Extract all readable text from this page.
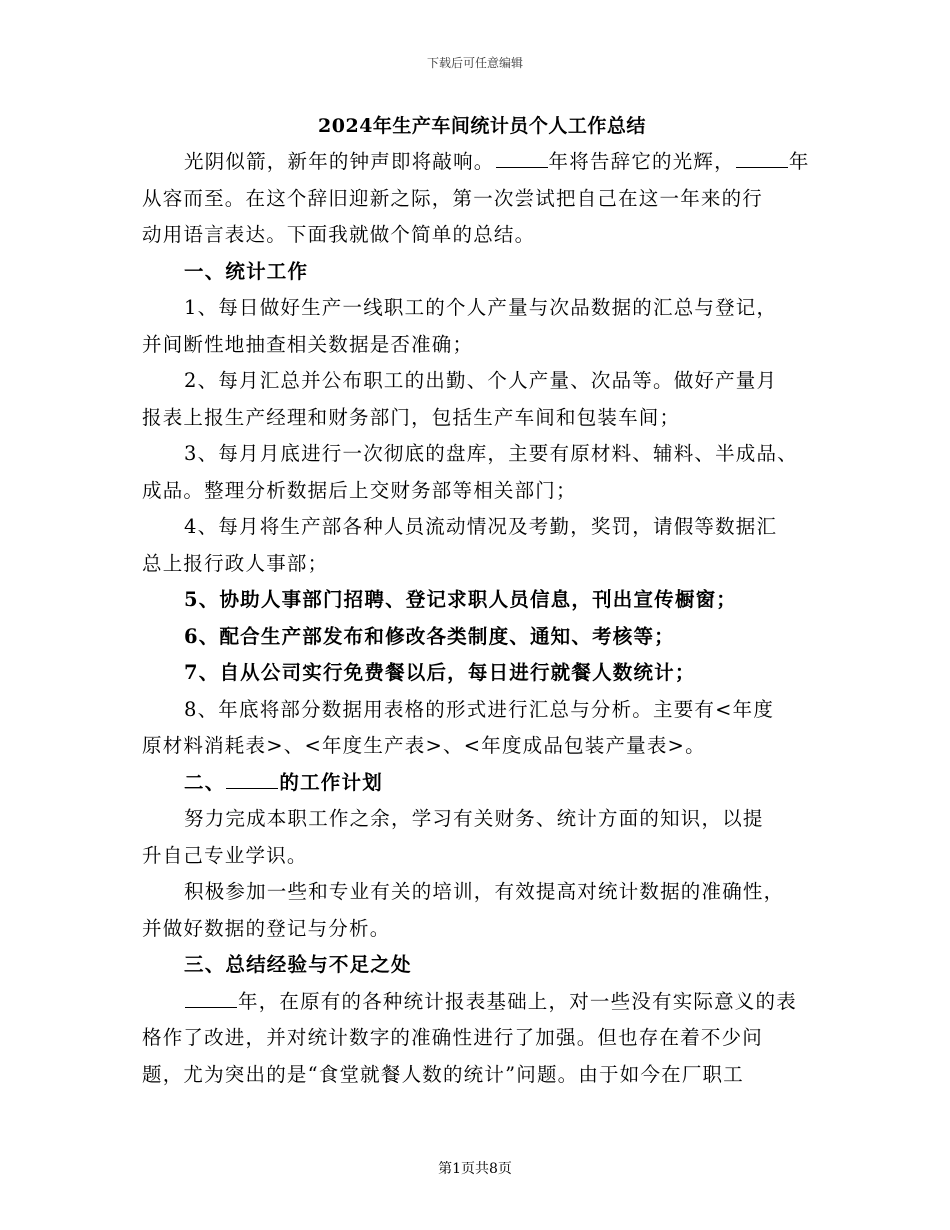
下载后可任意编辑
2024年生产车间统计员个人工作总结
光阴似箭，新年的钟声即将敲响。	年将告辞它的光辉，	年
从容而至。在这个辞旧迎新之际，第一次尝试把自己在这一年来的行
动用语言表达。下面我就做个简单的总结。
一、统计工作
1、每日做好生产一线职工的个人产量与次品数据的汇总与登记，
并间断性地抽查相关数据是否准确；
2、每月汇总并公布职工的出勤、个人产量、次品等。做好产量月
报表上报生产经理和财务部门，包括生产车间和包装车间；
3、每月月底进行一次彻底的盘库，主要有原材料、辅料、半成品、
成品。整理分析数据后上交财务部等相关部门；
4、每月将生产部各种人员流动情况及考勤，奖罚，请假等数据汇
总上报行政人事部；
5、协助人事部门招聘、登记求职人员信息，刊出宣传橱窗；
6、配合生产部发布和修改各类制度、通知、考核等；
7、自从公司实行免费餐以后，每日进行就餐人数统计；
8、年底将部分数据用表格的形式进行汇总与分析。主要有<年度
原材料消耗表>、<年度生产表>、<年度成品包装产量表>。
二、	的工作计划
努力完成本职工作之余，学习有关财务、统计方面的知识，以提
升自己专业学识。
积极参加一些和专业有关的培训，有效提高对统计数据的准确性，
并做好数据的登记与分析。
三、总结经验与不足之处
年，在原有的各种统计报表基础上，对一些没有实际意义的表
格作了改进，并对统计数字的准确性进行了加强。但也存在着不少问
题，尤为突出的是“食堂就餐人数的统计”问题。由于如今在厂职工
第1页共8页
